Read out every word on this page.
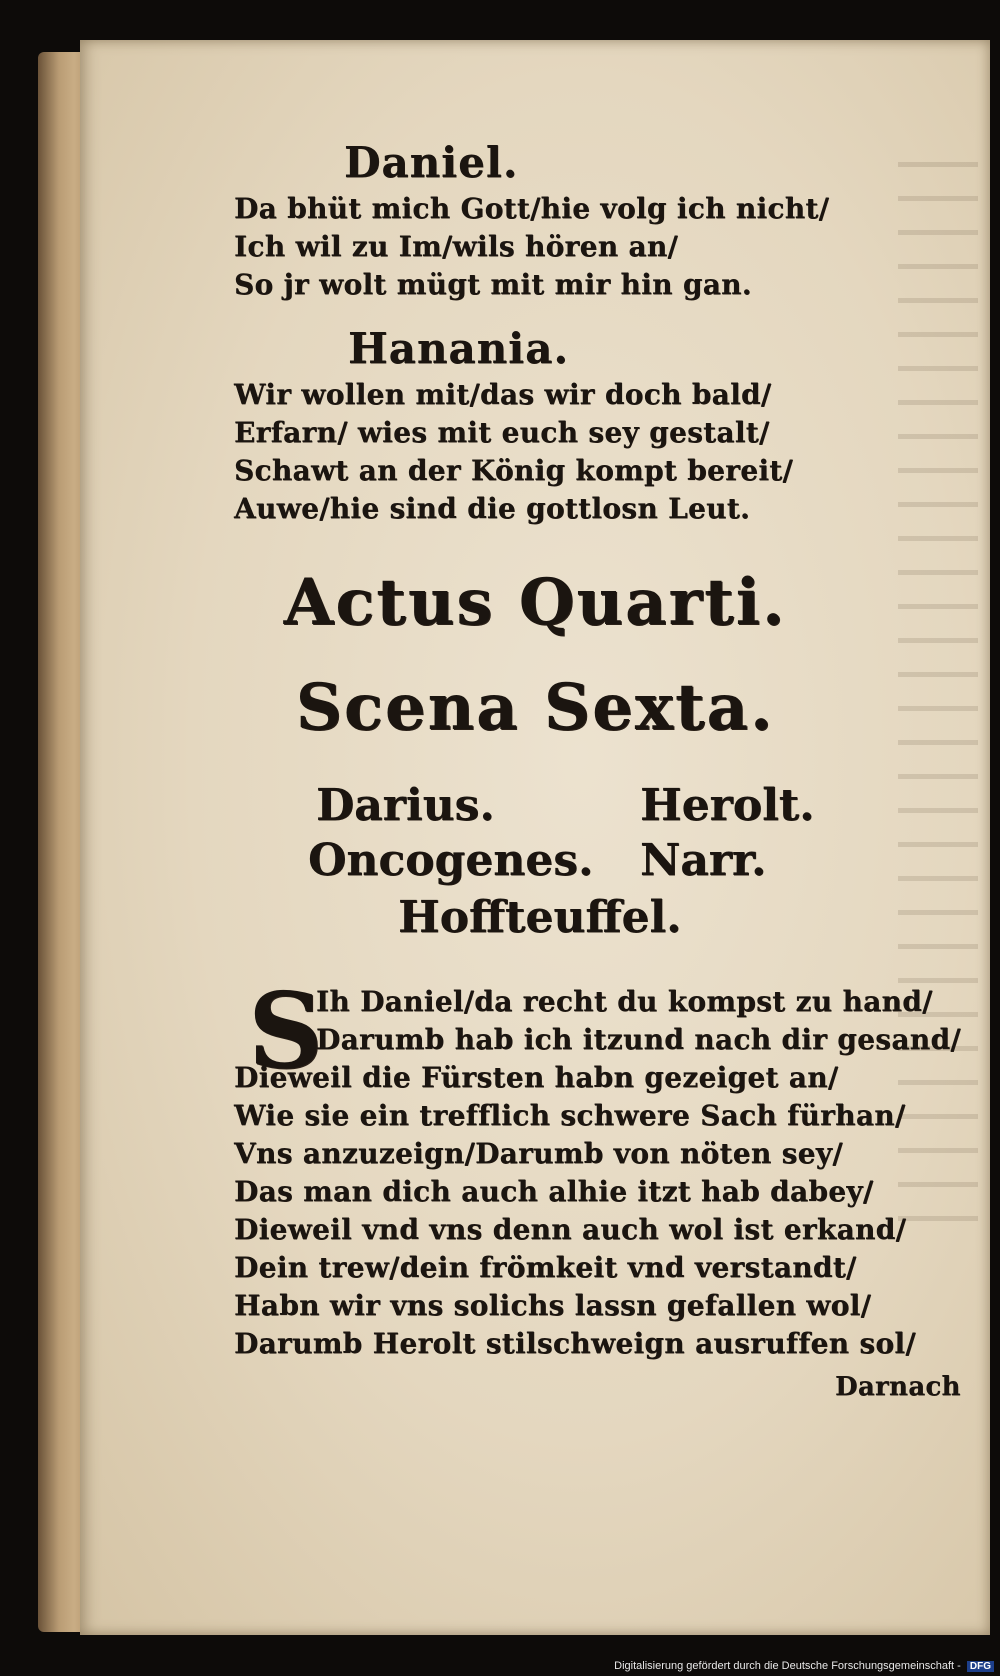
Daniel.
Da bhüt mich Gott/hie volg ich nicht/
Ich wil zu Im/wils hören an/
So jr wolt mügt mit mir hin gan.
Hanania.
Wir wollen mit/das wir doch bald/
Erfarn/ wies mit euch sey gestalt/
Schawt an der König kompt bereit/
Auwe/hie sind die gottlosn Leut.
Actus Quarti.
Scena Sexta.
Darius.	Herolt.
Oncogenes. Narr.
Hoffteuffel.
S
Ih Daniel/da recht du kompst zu hand/
Darumb hab ich itzund nach dir gesand/
Dieweil die Fürsten habn gezeiget an/
Wie sie ein trefflich schwere Sach fürhan/
Vns anzuzeign/Darumb von nöten sey/
Das man dich auch alhie itzt hab dabey/
Dieweil vnd vns denn auch wol ist erkand/
Dein trew/dein frömkeit vnd verstandt/
Habn wir vns solichs lassn gefallen wol/
Darumb Herolt stilschweign ausruffen sol/
Darnach
Digitalisierung gefördert durch die Deutsche Forschungsgemeinschaft - DFG
